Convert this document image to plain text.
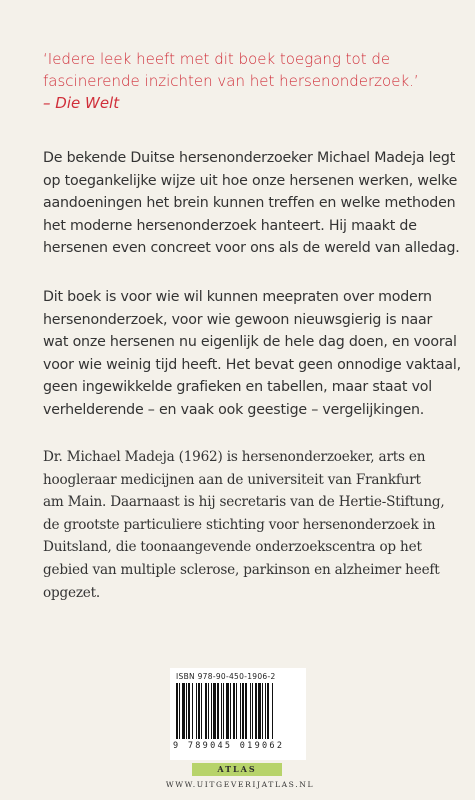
‘Iedere leek heeft met dit boek toegang tot de
fascinerende inzichten van het hersenonderzoek.’
– Die Welt
De bekende Duitse hersenonderzoeker Michael Madeja legt
op toegankelijke wijze uit hoe onze hersenen werken, welke
aandoeningen het brein kunnen treffen en welke methoden
het moderne hersenonderzoek hanteert. Hij maakt de
hersenen even concreet voor ons als de wereld van alledag.
Dit boek is voor wie wil kunnen meepraten over modern
hersenonderzoek, voor wie gewoon nieuwsgierig is naar
wat onze hersenen nu eigenlijk de hele dag doen, en vooral
voor wie weinig tijd heeft. Het bevat geen onnodige vaktaal,
geen ingewikkelde grafieken en tabellen, maar staat vol
verhelderende – en vaak ook geestige – vergelijkingen.
Dr. Michael Madeja (1962) is hersenonderzoeker, arts en
hoogleraar medicijnen aan de universiteit van Frankfurt
am Main. Daarnaast is hij secretaris van de Hertie-Stiftung,
de grootste particuliere stichting voor hersenonderzoek in
Duitsland, die toonaangevende onderzoekscentra op het
gebied van multiple sclerose, parkinson en alzheimer heeft
opgezet.
ISBN 978-90-450-1906-2
9 789045 019062
ATLAS
WWW.UITGEVERIJATLAS.NL
